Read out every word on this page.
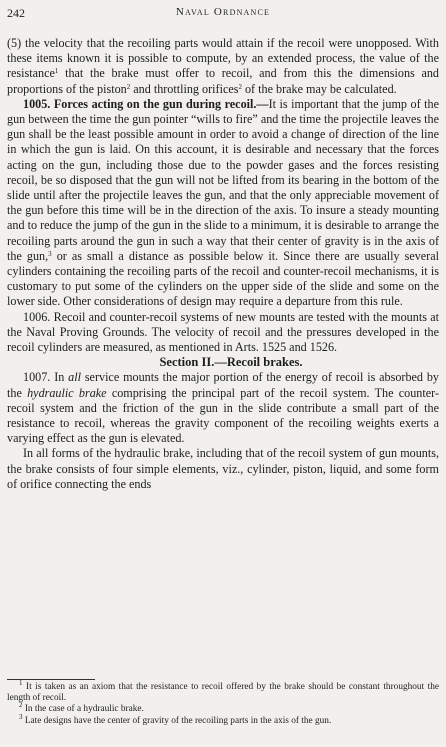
242	Naval Ordnance

(5) the velocity that the recoiling parts would attain if the recoil were unopposed. With these items known it is possible to compute, by an extended process, the value of the resistance$^1$ that the brake must offer to recoil, and from this the dimensions and proportions of the piston$^2$ and throttling orifices$^2$ of the brake may be calculated.

1005. Forces acting on the gun during recoil.—It is important that the jump of the gun between the time the gun pointer “wills to fire” and the time the projectile leaves the gun shall be the least possible amount in order to avoid a change of direction of the line in which the gun is laid. On this account, it is desirable and necessary that the forces acting on the gun, including those due to the powder gases and the forces resisting recoil, be so disposed that the gun will not be lifted from its bearing in the bottom of the slide until after the projectile leaves the gun, and that the only appreciable movement of the gun before this time will be in the direction of the axis. To insure a steady mounting and to reduce the jump of the gun in the slide to a minimum, it is desirable to arrange the recoiling parts around the gun in such a way that their center of gravity is in the axis of the gun,$^3$ or as small a distance as possible below it. Since there are usually several cylinders containing the recoiling parts of the recoil and counter-recoil mechanisms, it is customary to put some of the cylinders on the upper side of the slide and some on the lower side. Other considerations of design may require a departure from this rule.

1006. Recoil and counter-recoil systems of new mounts are tested with the mounts at the Naval Proving Grounds. The velocity of recoil and the pressures developed in the recoil cylinders are measured, as mentioned in Arts. 1525 and 1526.

Section II.—Recoil brakes.

1007. In all service mounts the major portion of the energy of recoil is absorbed by the hydraulic brake comprising the principal part of the recoil system. The counter-recoil system and the friction of the gun in the slide contribute a small part of the resistance to recoil, whereas the gravity component of the recoiling weights exerts a varying effect as the gun is elevated.

In all forms of the hydraulic brake, including that of the recoil system of gun mounts, the brake consists of four simple elements, viz., cylinder, piston, liquid, and some form of orifice connecting the ends

$^1$ It is taken as an axiom that the resistance to recoil offered by the brake should be constant throughout the length of recoil.

$^2$ In the case of a hydraulic brake.

$^3$ Late designs have the center of gravity of the recoiling parts in the axis of the gun.
